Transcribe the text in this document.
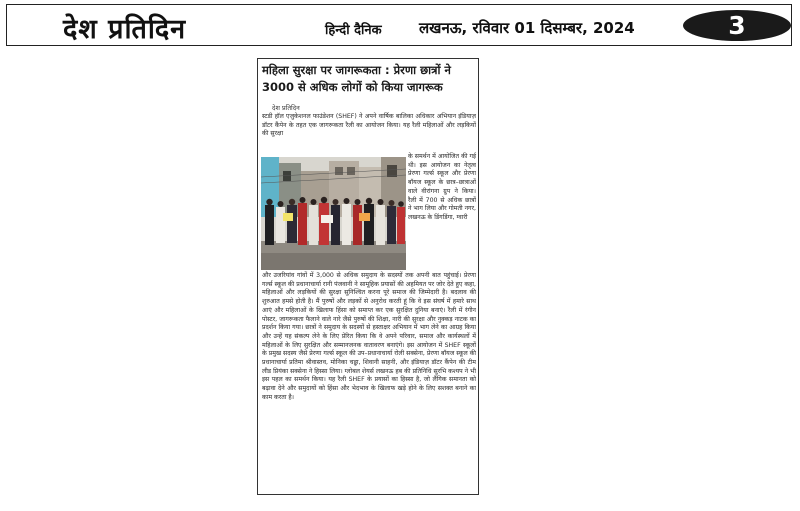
देश प्रतिदिन	हिन्दी दैनिक लखनऊ, रविवार 01 दिसम्बर, 2024	3
महिला सुरक्षा पर जागरूकता : प्रेरणा छात्रों ने 3000 से अधिक लोगों को किया जागरूक
देश प्रतिदिन

स्टडी हॉल एजुकेशनल फाउंडेशन (SHEF) ने अपने वार्षिक बालिका अधिकार अभियान इंडियाज़ डॉटर कैंपेन के तहत एक जागरूकता रैली का आयोजन किया। यह रैली महिलाओं और लड़कियों की सुरक्षा

के समर्थन में आयोजित की गई थी। इस आयोजन का नेतृत्व प्रेरणा गर्ल्स स्कूल और प्रेरणा बॉयज स्कूल के छात्र–छात्राओं वाले वीरांगना ग्रुप ने किया। रैली में 700 से अधिक छात्रों ने भाग लिया और गोमती नगर, लखनऊ के डिंगडिंगा, ग्वारी

और उजरियांव गांवों में 3,000 से अधिक समुदाय के सदस्यों तक अपनी बात पहुंचाई। प्रेरणा गर्ल्स स्कूल की प्रधानाचार्या रानी पंजवानी ने सामूहिक प्रयासों की अहमियत पर जोर देते हुए कहा, महिलाओं और लड़कियों की सुरक्षा सुनिश्चित करना पूरे समाज की जिम्मेदारी है। बदलाव की शुरुआत हमसे होती है। मैं पुरुषों और लड़कों से अनुरोध करती हूं कि वे इस संघर्ष में हमारे साथ आएं और महिलाओं के खिलाफ हिंसा को समाप्त कर एक सुरक्षित दुनिया बनाएं। रैली में रंगीन पोस्टर, जागरूकता फैलाने वाले नारे जैसे पुरुषों की शिक्षा, नारी की सुरक्षा और नुक्कड़ नाटक का प्रदर्शन किया गया। छात्रों ने समुदाय के सदस्यों से हस्ताक्षर अभियान में भाग लेने का आग्रह किया और उन्हें यह संकल्प लेने के लिए प्रेरित किया कि वे अपने परिवार, समाज और कार्यस्थलों में महिलाओं के लिए सुरक्षित और सम्मानजनक वातावरण बनाएंगे। इस आयोजन में SHEF स्कूलों के प्रमुख सदस्य जैसे प्रेरणा गर्ल्स स्कूल की उप–प्रधानाचार्या रोली सक्सेना, प्रेरणा बॉयज स्कूल की प्रधानाचार्या प्रतिमा श्रीवास्तव, मोनिका चड्ढा, शिवानी साहनी, और इंडियाज़ डॉटर कैंपेन की टीम लीड प्रियंका सक्सेना ने हिस्सा लिया। ग्लोबल शेयर्स लखनऊ हब की प्रतिनिधि सुरभि कश्यप ने भी इस पहल का समर्थन किया। यह रैली SHEF के प्रयासों का हिस्सा है, जो लैंगिक समानता को बढ़ावा देने और समुदायों को हिंसा और भेदभाव के खिलाफ खड़े होने के लिए सशक्त बनाने का काम करता है।
